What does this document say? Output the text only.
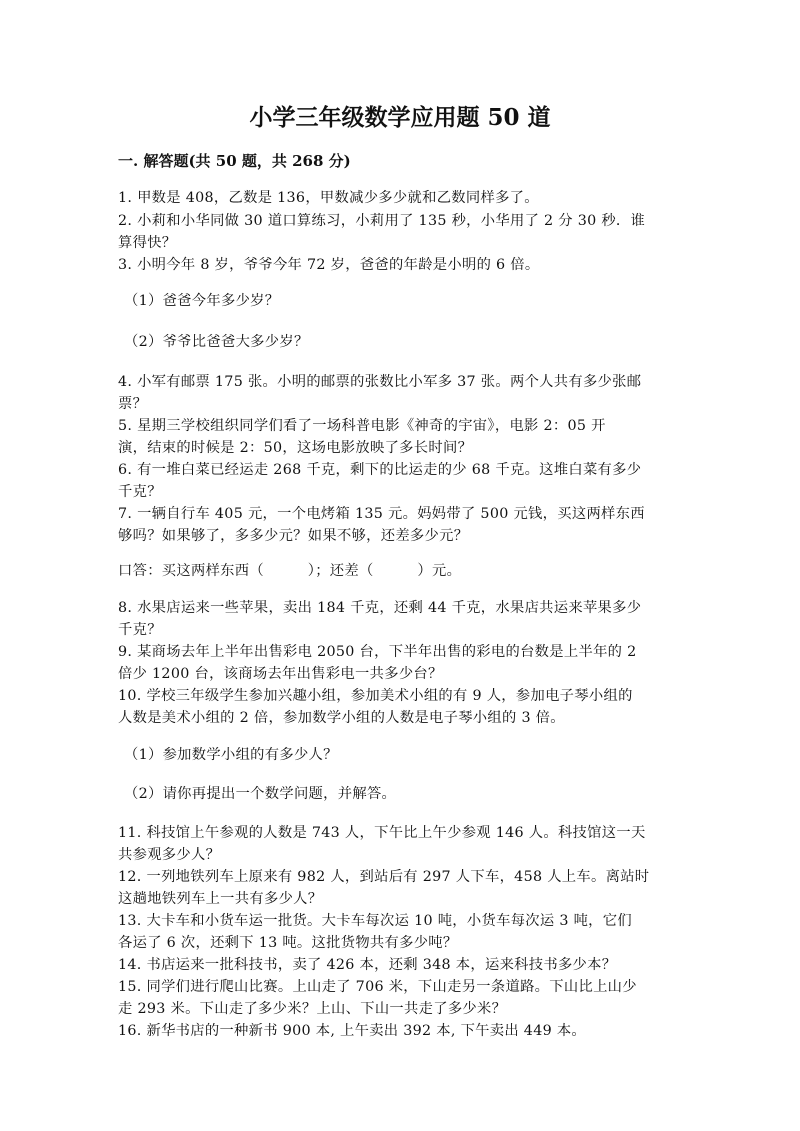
小学三年级数学应用题 50 道
一. 解答题(共 50 题，共 268 分)
1. 甲数是 408，乙数是 136，甲数减少多少就和乙数同样多了。
2. 小莉和小华同做 30 道口算练习，小莉用了 135 秒，小华用了 2 分 30 秒．谁
算得快？
3. 小明今年 8 岁，爷爷今年 72 岁，爸爸的年龄是小明的 6 倍。
（1）爸爸今年多少岁？
（2）爷爷比爸爸大多少岁？
4. 小军有邮票 175 张。小明的邮票的张数比小军多 37 张。两个人共有多少张邮
票？
5. 星期三学校组织同学们看了一场科普电影《神奇的宇宙》，电影 2：05 开
演，结束的时候是 2：50，这场电影放映了多长时间？
6. 有一堆白菜已经运走 268 千克，剩下的比运走的少 68 千克。这堆白菜有多少
千克？
7. 一辆自行车 405 元，一个电烤箱 135 元。妈妈带了 500 元钱，买这两样东西
够吗？如果够了，多多少元？如果不够，还差多少元？
口答：买这两样东西（　　　）；还差（　　　）元。
8. 水果店运来一些苹果，卖出 184 千克，还剩 44 千克，水果店共运来苹果多少
千克？
9. 某商场去年上半年出售彩电 2050 台，下半年出售的彩电的台数是上半年的 2
倍少 1200 台，该商场去年出售彩电一共多少台？
10. 学校三年级学生参加兴趣小组，参加美术小组的有 9 人，参加电子琴小组的
人数是美术小组的 2 倍，参加数学小组的人数是电子琴小组的 3 倍。
（1）参加数学小组的有多少人？
（2）请你再提出一个数学问题，并解答。
11. 科技馆上午参观的人数是 743 人，下午比上午少参观 146 人。科技馆这一天
共参观多少人？
12. 一列地铁列车上原来有 982 人，到站后有 297 人下车，458 人上车。离站时
这趟地铁列车上一共有多少人？
13. 大卡车和小货车运一批货。大卡车每次运 10 吨，小货车每次运 3 吨，它们
各运了 6 次，还剩下 13 吨。这批货物共有多少吨？
14. 书店运来一批科技书，卖了 426 本，还剩 348 本，运来科技书多少本？
15. 同学们进行爬山比赛。上山走了 706 米，下山走另一条道路。下山比上山少
走 293 米。下山走了多少米？上山、下山一共走了多少米？
16. 新华书店的一种新书 900 本, 上午卖出 392 本, 下午卖出 449 本。
